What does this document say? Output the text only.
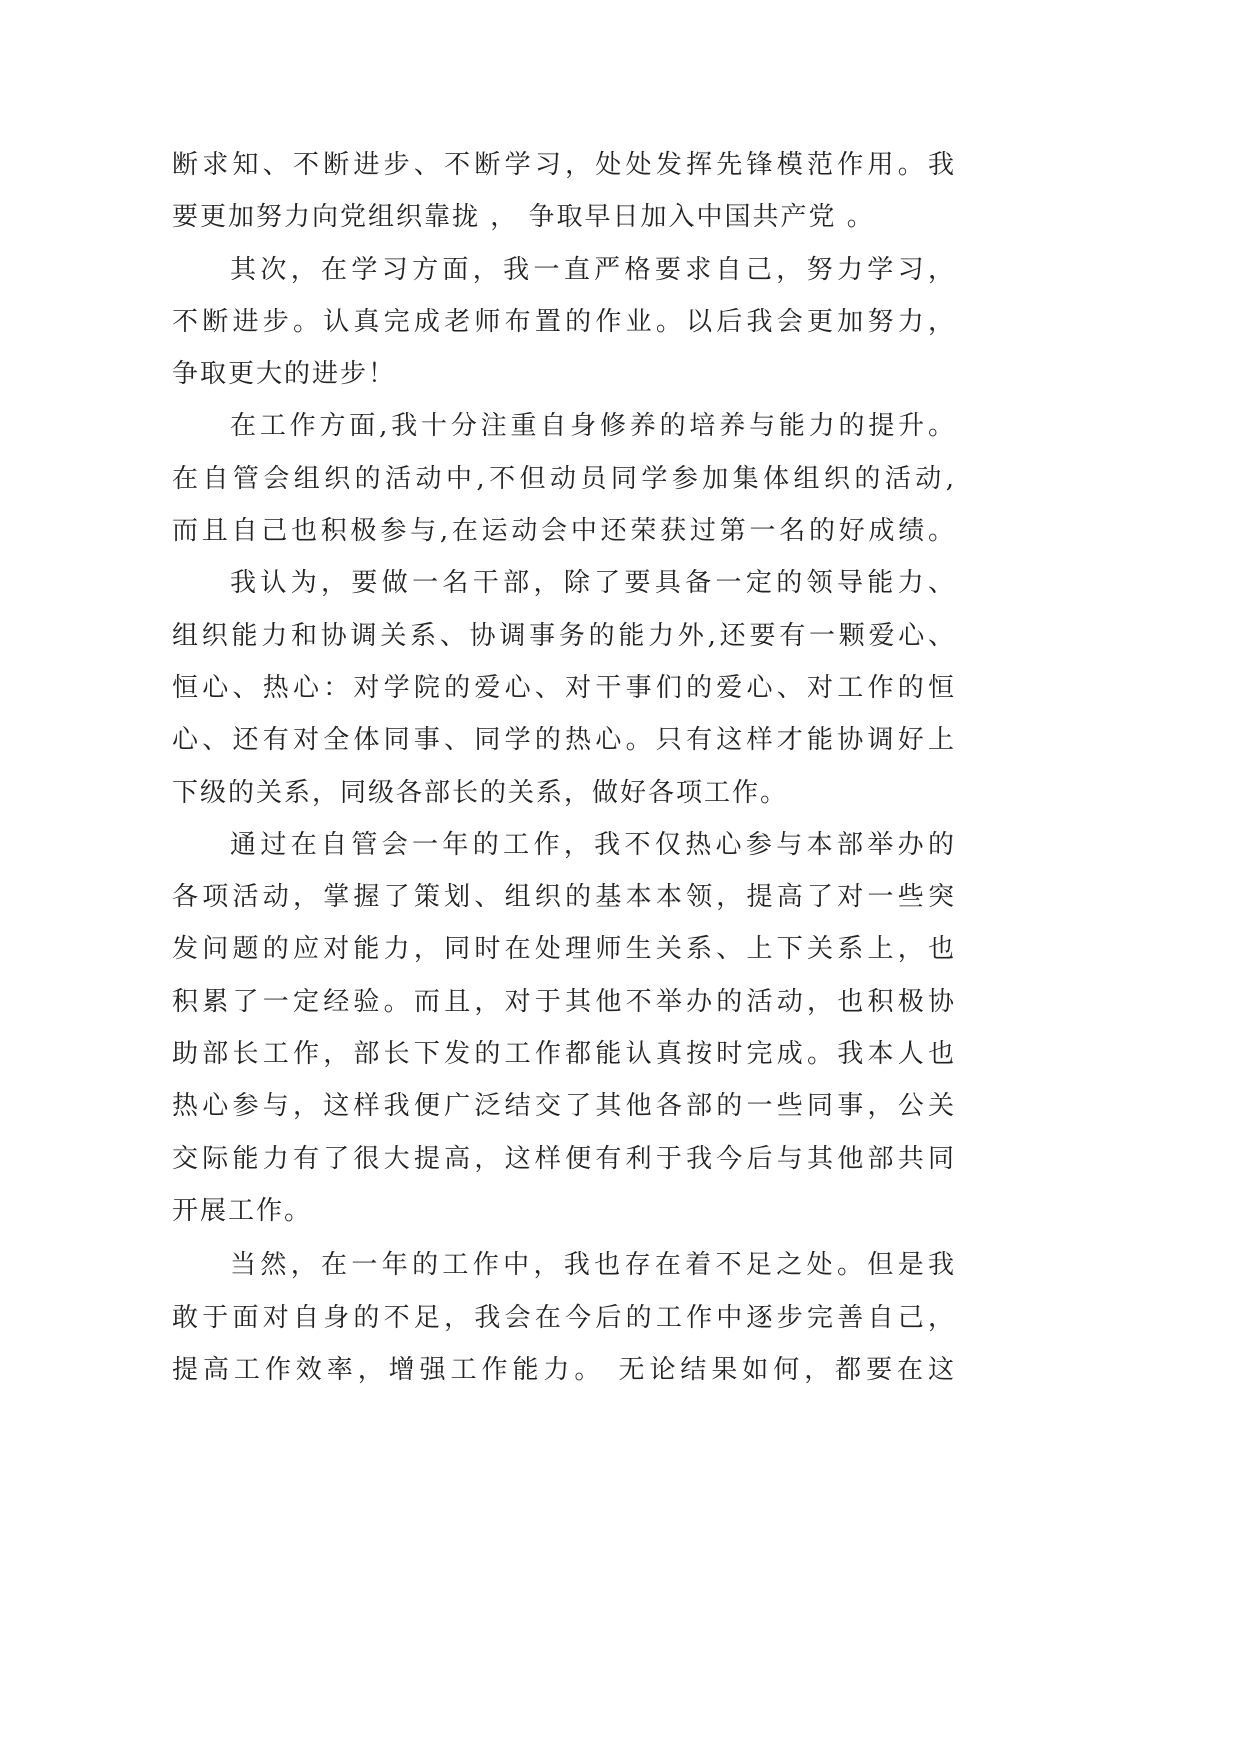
断求知、不断进步、不断学习，处处发挥先锋模范作用。我
要更加努力向党组织靠拢 ， 争取早日加入中国共产党 。
其次，在学习方面，我一直严格要求自己，努力学习，
不断进步。认真完成老师布置的作业。以后我会更加努力，
争取更大的进步！
在工作方面,我十分注重自身修养的培养与能力的提升。
在自管会组织的活动中,不但动员同学参加集体组织的活动,
而且自己也积极参与,在运动会中还荣获过第一名的好成绩。
我认为，要做一名干部，除了要具备一定的领导能力、
组织能力和协调关系、协调事务的能力外,还要有一颗爱心、
恒心、热心：对学院的爱心、对干事们的爱心、对工作的恒
心、还有对全体同事、同学的热心。只有这样才能协调好上
下级的关系，同级各部长的关系，做好各项工作。
通过在自管会一年的工作，我不仅热心参与本部举办的
各项活动，掌握了策划、组织的基本本领，提高了对一些突
发问题的应对能力，同时在处理师生关系、上下关系上，也
积累了一定经验。而且，对于其他不举办的活动，也积极协
助部长工作，部长下发的工作都能认真按时完成。我本人也
热心参与，这样我便广泛结交了其他各部的一些同事，公关
交际能力有了很大提高，这样便有利于我今后与其他部共同
开展工作。
当然，在一年的工作中，我也存在着不足之处。但是我
敢于面对自身的不足，我会在今后的工作中逐步完善自己，
提高工作效率，增强工作能力。 无论结果如何，都要在这
